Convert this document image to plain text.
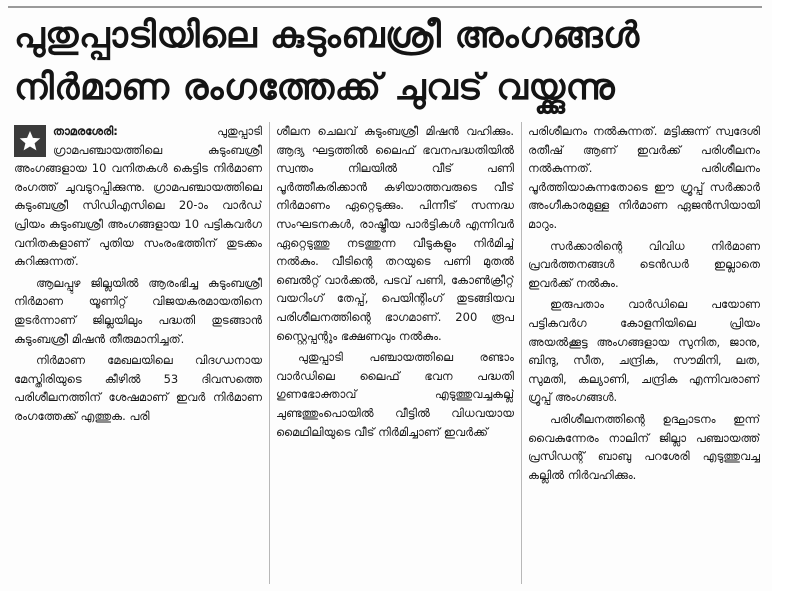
പുതുപ്പാടിയിലെ കുടുംബശ്രീ അംഗങ്ങൾ
നിർമാണ രംഗത്തേക്ക് ചുവട് വയ്ക്കുന്നു

താമരശേരി:	പുതുപ്പാടി ഗ്രാമപഞ്ചായത്തിലെ കുടുംബശ്രീ അംഗങ്ങളായ 10 വനിതകൾ കെട്ടിട നിർമാണ രംഗത്ത് ചുവടുറപ്പിക്കുന്നു. ഗ്രാമപഞ്ചായത്തിലെ കുടുംബശ്രീ സിഡിഎസിലെ 20-ാം വാർഡ് പ്രിയം കുടുംബശ്രീ അംഗങ്ങളായ 10 പട്ടികവർഗ വനിതകളാണ് പുതിയ സംരംഭത്തിന് തുടക്കം കുറിക്കുന്നത്.

ആലപ്പുഴ ജില്ലയിൽ ആരംഭിച്ച കുടുംബശ്രീ നിർമാണ യൂണിറ്റ് വിജയകരമായതിനെ തുടർന്നാണ് ജില്ലയിലും പദ്ധതി തുടങ്ങാൻ കുടുംബശ്രീ മിഷൻ തീരുമാനിച്ചത്.

നിർമാണ മേഖലയിലെ വിദഗ്ധനായ മേസ്തിരിയുടെ കീഴിൽ 53 ദിവസത്തെ പരിശീലനത്തിന് ശേഷമാണ് ഇവർ നിർമാണ രംഗത്തേക്ക് എത്തുക. പരി

ശീലന ചെലവ് കുടുംബശ്രീ മിഷൻ വഹിക്കും. ആദ്യ ഘട്ടത്തിൽ ലൈഫ് ഭവനപദ്ധതിയിൽ സ്വന്തം നിലയിൽ വീട് പണി പൂർത്തീകരിക്കാൻ കഴിയാത്തവരുടെ വീട് നിർമാണം ഏറ്റെടുക്കും. പിന്നീട് സന്നദ്ധ സംഘടനകൾ, രാഷ്ട്രീയ പാർട്ടികൾ എന്നിവർ ഏറ്റെടുത്തു നടത്തുന്ന വീടുകളും നിർമിച്ച് നൽകും. വീടിന്റെ തറയുടെ പണി മുതൽ ബെൽറ്റ് വാർക്കൽ, പടവ് പണി, കോൺക്രീറ്റ് വയറിംഗ് തേപ്പ്, പെയിന്റിംഗ് തുടങ്ങിയവ പരിശീലനത്തിന്റെ ഭാഗമാണ്. 200 രൂപ സ്റ്റൈപ്പന്റും ഭക്ഷണവും നൽകും.

പുതുപ്പാടി പഞ്ചായത്തിലെ രണ്ടാം വാർഡിലെ ലൈഫ് ഭവന പദ്ധതി ഗുണഭോക്താവ് എടുത്തുവച്ചകല്ല് ചുണ്ടത്തുംപൊയിൽ വീട്ടിൽ വിധവയായ മൈഥിലിയുടെ വീട് നിർമിച്ചാണ് ഇവർക്ക്

പരിശീലനം നൽകുന്നത്. മട്ടിക്കുന്ന് സ്വദേശി രതീഷ് ആണ് ഇവർക്ക് പരിശീലനം നൽകുന്നത്. പരിശീലനം പൂർത്തിയാകുന്നതോടെ ഈ ഗ്രൂപ്പ് സർക്കാർ അംഗീകാരമുള്ള നിർമാണ ഏജൻസിയായി മാറും.

സർക്കാരിന്റെ വിവിധ നിർമാണ പ്രവർത്തനങ്ങൾ ടെൻഡർ ഇല്ലാതെ ഇവർക്ക് നൽകും.

ഇരുപതാം വാർഡിലെ പയോണ പട്ടികവർഗ കോളനിയിലെ പ്രിയം അയൽക്കൂട്ട അംഗങ്ങളായ സുനിത, ജാനു, ബിന്ദു, സീത, ചന്ദ്രിക, സൗമിനി, ലത, സുമതി, കല്യാണി, ചന്ദ്രിക എന്നിവരാണ് ഗ്രൂപ്പ് അംഗങ്ങൾ.

പരിശീലനത്തിന്റെ ഉദ്ഘാടനം ഇന്ന് വൈകുന്നേരം നാലിന് ജില്ലാ പഞ്ചായത്ത് പ്രസിഡന്റ് ബാബു പറശേരി എടുത്തുവച്ച കല്ലിൽ നിർവഹിക്കും.
